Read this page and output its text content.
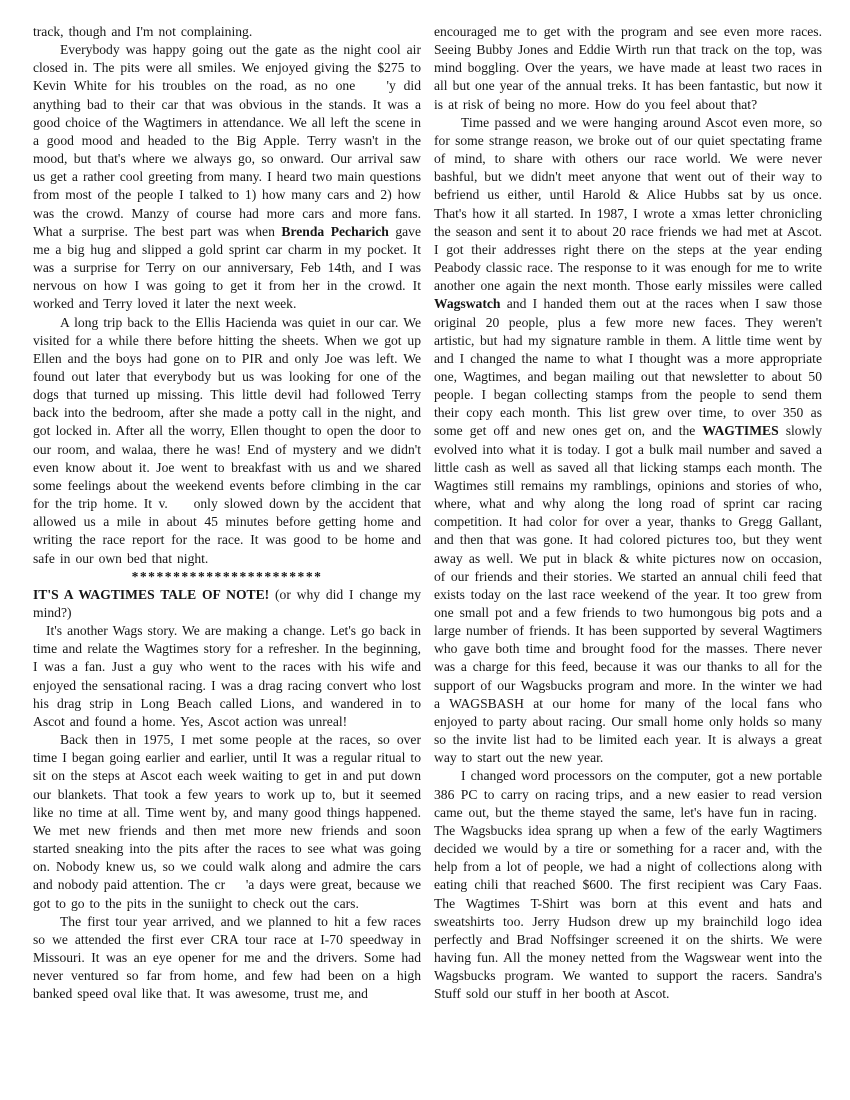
track, though and I'm not complaining.

Everybody was happy going out the gate as the night cool air closed in. The pits were all smiles. We enjoyed giving the $275 to Kevin White for his troubles on the road, as no one    'y did anything bad to their car that was obvious in the stands. It was a good choice of the Wagtimers in attendance. We all left the scene in a good mood and headed to the Big Apple. Terry wasn't in the mood, but that's where we always go, so onward. Our arrival saw us get a rather cool greeting from many. I heard two main questions from most of the people I talked to 1) how many cars and 2) how was the crowd. Manzy of course had more cars and more fans. What a surprise. The best part was when Brenda Pecharich gave me a big hug and slipped a gold sprint car charm in my pocket. It was a surprise for Terry on our anniversary, Feb 14th, and I was nervous on how I was going to get it from her in the crowd. It worked and Terry loved it later the next week.

A long trip back to the Ellis Hacienda was quiet in our car. We visited for a while there before hitting the sheets. When we got up Ellen and the boys had gone on to PIR and only Joe was left. We found out later that everybody but us was looking for one of the dogs that turned up missing. This little devil had followed Terry back into the bedroom, after she made a potty call in the night, and got locked in. After all the worry, Ellen thought to open the door to our room, and walaa, there he was! End of mystery and we didn't even know about it. Joe went to breakfast with us and we shared some feelings about the weekend events before climbing in the car for the trip home. It v.    only slowed down by the accident that allowed us a mile in about 45 minutes before getting home and writing the race report for the race. It was good to be home and safe in our own bed that night.

***********************

IT'S A WAGTIMES TALE OF NOTE! (or why did I change my mind?)

It's another Wags story. We are making a change. Let's go back in time and relate the Wagtimes story for a refresher. In the beginning, I was a fan. Just a guy who went to the races with his wife and enjoyed the sensational racing. I was a drag racing convert who lost his drag strip in Long Beach called Lions, and wandered in to Ascot and found a home. Yes, Ascot action was unreal!

Back then in 1975, I met some people at the races, so over time I began going earlier and earlier, until It was a regular ritual to sit on the steps at Ascot each week waiting to get in and put down our blankets. That took a few years to work up to, but it seemed like no time at all. Time went by, and many good things happened. We met new friends and then met more new friends and soon started sneaking into the pits after the races to see what was going on. Nobody knew us, so we could walk along and admire the cars and nobody paid attention. The cr    'a days were great, because we got to go to the pits in the suniight to check out the cars.

The first tour year arrived, and we planned to hit a few races so we attended the first ever CRA tour race at I-70 speedway in Missouri. It was an eye opener for me and the drivers. Some had never ventured so far from home, and few had been on a high banked speed oval like that. It was awesome, trust me, and

encouraged me to get with the program and see even more races. Seeing Bubby Jones and Eddie Wirth run that track on the top, was mind boggling. Over the years, we have made at least two races in all but one year of the annual treks. It has been fantastic, but now it is at risk of being no more. How do you feel about that?

Time passed and we were hanging around Ascot even more, so for some strange reason, we broke out of our quiet spectating frame of mind, to share with others our race world. We were never bashful, but we didn't meet anyone that went out of their way to befriend us either, until Harold & Alice Hubbs sat by us once. That's how it all started. In 1987, I wrote a xmas letter chronicling the season and sent it to about 20 race friends we had met at Ascot. I got their addresses right there on the steps at the year ending Peabody classic race. The response to it was enough for me to write another one again the next month. Those early missiles were called Wagswatch and I handed them out at the races when I saw those original 20 people, plus a few more new faces. They weren't artistic, but had my signature ramble in them. A little time went by and I changed the name to what I thought was a more appropriate one, Wagtimes, and began mailing out that newsletter to about 50 people. I began collecting stamps from the people to send them their copy each month. This list grew over time, to over 350 as some get off and new ones get on, and the WAGTIMES slowly evolved into what it is today. I got a bulk mail number and saved a little cash as well as saved all that licking stamps each month. The Wagtimes still remains my ramblings, opinions and stories of who, where, what and why along the long road of sprint car racing competition. It had color for over a year, thanks to Gregg Gallant, and then that was gone. It had colored pictures too, but they went away as well. We put in black & white pictures now on occasion, of our friends and their stories. We started an annual chili feed that exists today on the last race weekend of the year. It too grew from one small pot and a few friends to two humongous big pots and a large number of friends. It has been supported by several Wagtimers who gave both time and brought food for the masses. There never was a charge for this feed, because it was our thanks to all for the support of our Wagsbucks program and more. In the winter we had a WAGSBASH at our home for many of the local fans who enjoyed to party about racing. Our small home only holds so many so the invite list had to be limited each year. It is always a great way to start out the new year.

I changed word processors on the computer, got a new portable 386 PC to carry on racing trips, and a new easier to read version came out, but the theme stayed the same, let's have fun in racing.  The Wagsbucks idea sprang up when a few of the early Wagtimers decided we would by a tire or something for a racer and, with the help from a lot of people, we had a night of collections along with eating chili that reached $600. The first recipient was Cary Faas. The Wagtimes T-Shirt was born at this event and hats and sweatshirts too. Jerry Hudson drew up my brainchild logo idea perfectly and Brad Noffsinger screened it on the shirts. We were having fun. All the money netted from the Wagswear went into the Wagsbucks program. We wanted to support the racers. Sandra's Stuff sold our stuff in her booth at Ascot.
